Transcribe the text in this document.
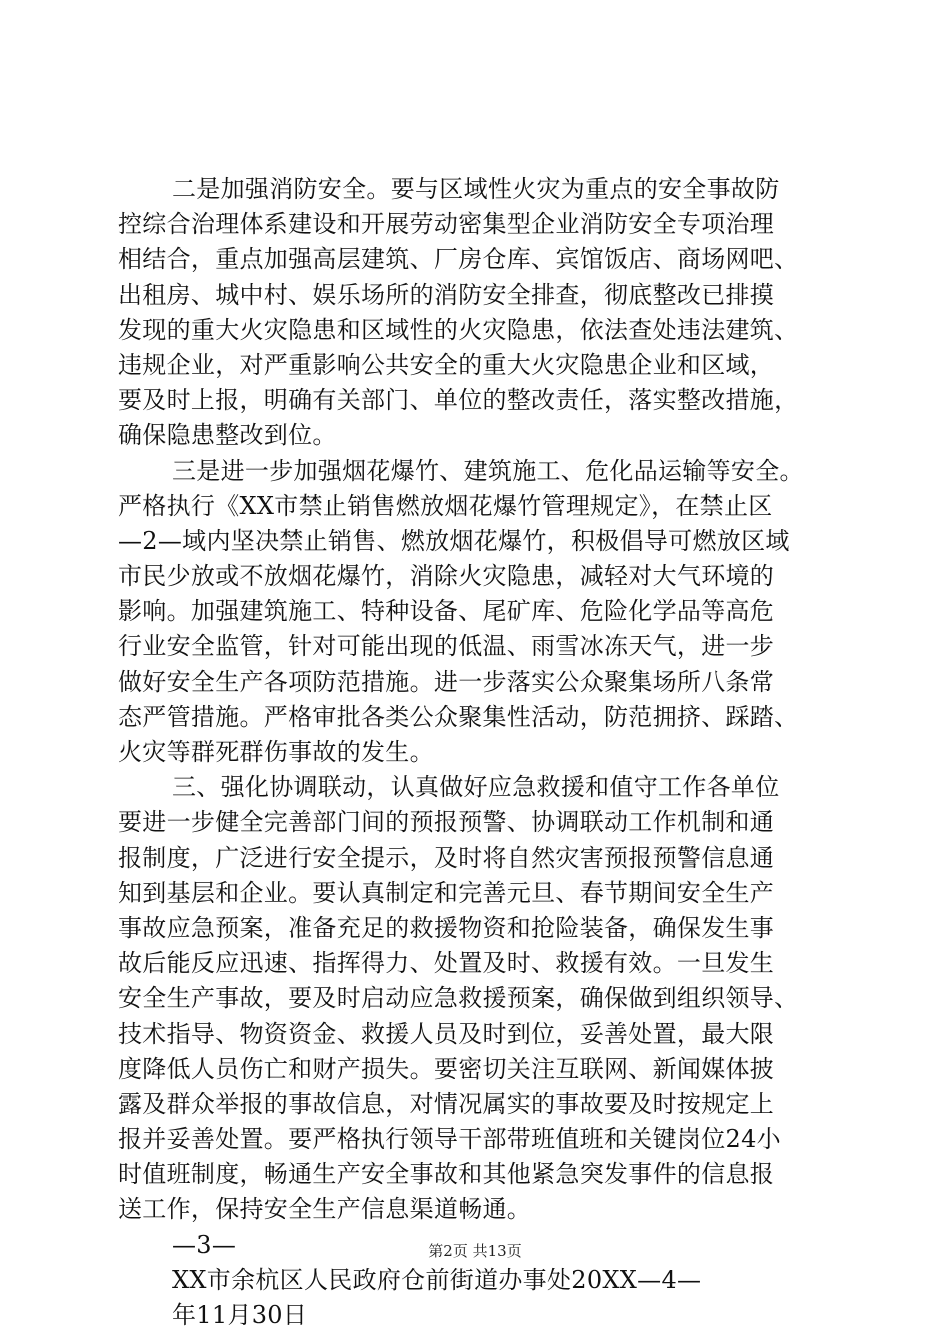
二是加强消防安全。要与区域性火灾为重点的安全事故防
控综合治理体系建设和开展劳动密集型企业消防安全专项治理
相结合，重点加强高层建筑、厂房仓库、宾馆饭店、商场网吧、
出租房、城中村、娱乐场所的消防安全排查，彻底整改已排摸
发现的重大火灾隐患和区域性的火灾隐患，依法查处违法建筑、
违规企业，对严重影响公共安全的重大火灾隐患企业和区域，
要及时上报，明确有关部门、单位的整改责任，落实整改措施，
确保隐患整改到位。
三是进一步加强烟花爆竹、建筑施工、危化品运输等安全。
严格执行《XX市禁止销售燃放烟花爆竹管理规定》，在禁止区
—2—域内坚决禁止销售、燃放烟花爆竹，积极倡导可燃放区域
市民少放或不放烟花爆竹，消除火灾隐患，减轻对大气环境的
影响。加强建筑施工、特种设备、尾矿库、危险化学品等高危
行业安全监管，针对可能出现的低温、雨雪冰冻天气，进一步
做好安全生产各项防范措施。进一步落实公众聚集场所八条常
态严管措施。严格审批各类公众聚集性活动，防范拥挤、踩踏、
火灾等群死群伤事故的发生。
三、强化协调联动，认真做好应急救援和值守工作各单位
要进一步健全完善部门间的预报预警、协调联动工作机制和通
报制度，广泛进行安全提示，及时将自然灾害预报预警信息通
知到基层和企业。要认真制定和完善元旦、春节期间安全生产
事故应急预案，准备充足的救援物资和抢险装备，确保发生事
故后能反应迅速、指挥得力、处置及时、救援有效。一旦发生
安全生产事故，要及时启动应急救援预案，确保做到组织领导、
技术指导、物资资金、救援人员及时到位，妥善处置，最大限
度降低人员伤亡和财产损失。要密切关注互联网、新闻媒体披
露及群众举报的事故信息，对情况属实的事故要及时按规定上
报并妥善处置。要严格执行领导干部带班值班和关键岗位24小
时值班制度，畅通生产安全事故和其他紧急突发事件的信息报
送工作，保持安全生产信息渠道畅通。
—3—
XX市余杭区人民政府仓前街道办事处20XX—4—
年11月30日
第2页 共13页
